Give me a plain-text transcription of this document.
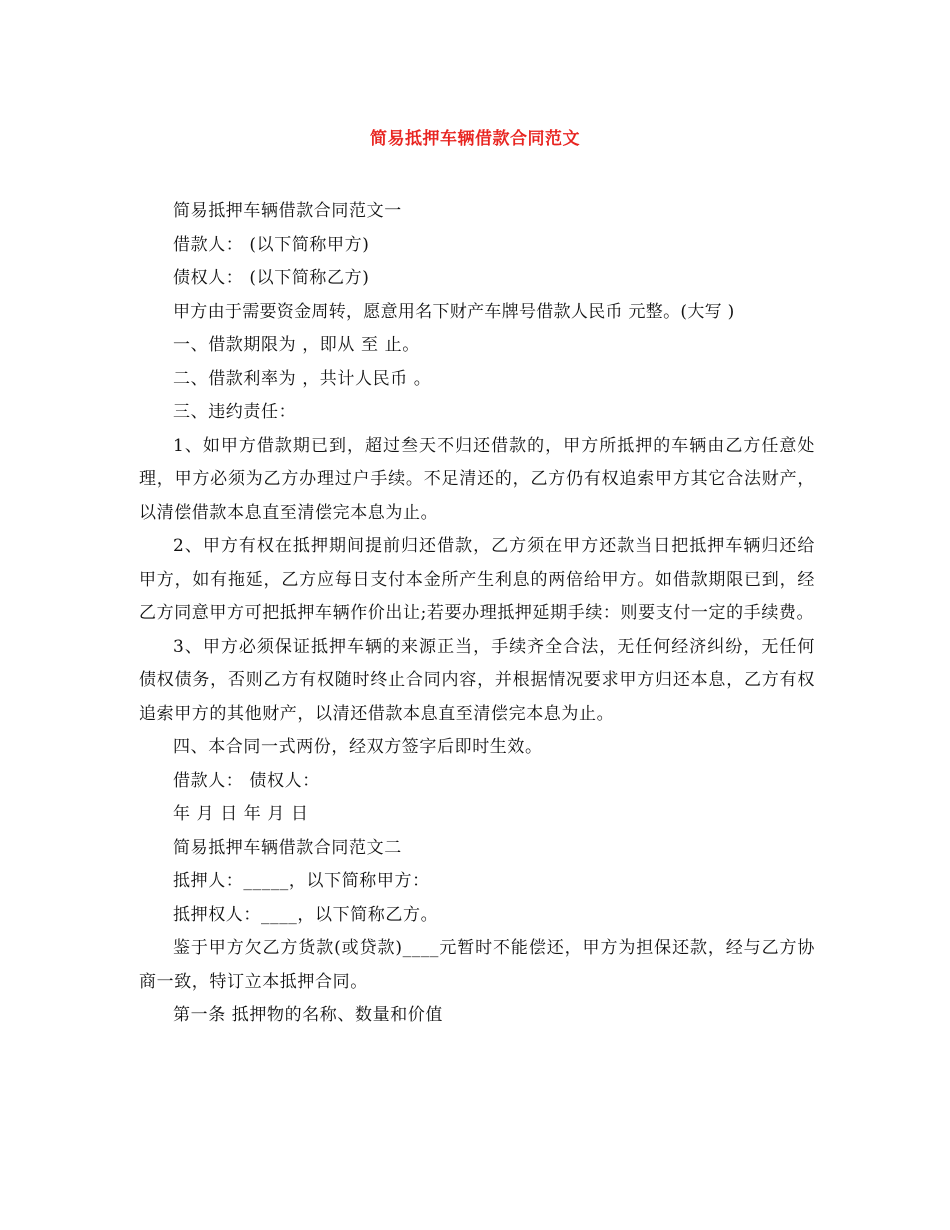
简易抵押车辆借款合同范文

简易抵押车辆借款合同范文一

借款人： (以下简称甲方)

债权人： (以下简称乙方)

甲方由于需要资金周转，愿意用名下财产车牌号借款人民币 元整。(大写 )

一、借款期限为 ，即从 至 止。

二、借款利率为 ，共计人民币 。

三、违约责任：

1、如甲方借款期已到，超过叁天不归还借款的，甲方所抵押的车辆由乙方任意处理，甲方必须为乙方办理过户手续。不足清还的，乙方仍有权追索甲方其它合法财产，以清偿借款本息直至清偿完本息为止。

2、甲方有权在抵押期间提前归还借款，乙方须在甲方还款当日把抵押车辆归还给甲方，如有拖延，乙方应每日支付本金所产生利息的两倍给甲方。如借款期限已到，经乙方同意甲方可把抵押车辆作价出让;若要办理抵押延期手续：则要支付一定的手续费。

3、甲方必须保证抵押车辆的来源正当，手续齐全合法，无任何经济纠纷，无任何债权债务，否则乙方有权随时终止合同内容，并根据情况要求甲方归还本息，乙方有权追索甲方的其他财产，以清还借款本息直至清偿完本息为止。

四、本合同一式两份，经双方签字后即时生效。

借款人： 债权人：

年 月 日 年 月 日

简易抵押车辆借款合同范文二

抵押人：_____，以下简称甲方：

抵押权人：____，以下简称乙方。

鉴于甲方欠乙方货款(或贷款)____元暂时不能偿还，甲方为担保还款，经与乙方协商一致，特订立本抵押合同。

第一条 抵押物的名称、数量和价值
